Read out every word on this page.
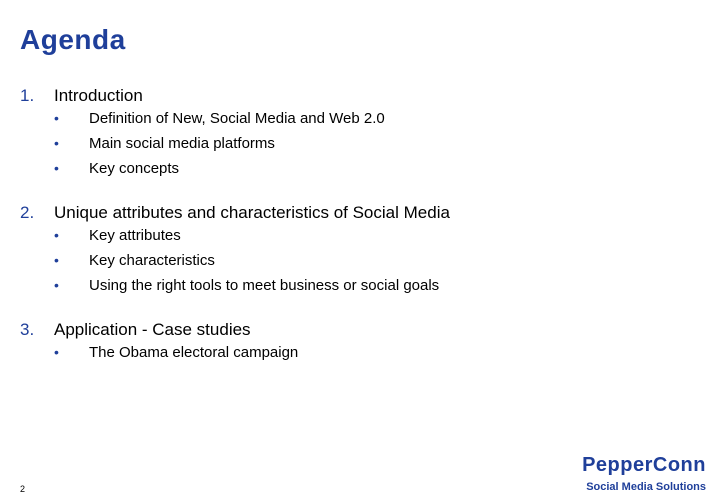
Agenda
1.	Introduction
•	Definition of New, Social Media and Web 2.0
•	Main social media platforms
•	Key concepts
2.	Unique attributes and characteristics of Social Media
•	Key attributes
•	Key characteristics
•	Using the right tools to meet business or social goals
3.	Application - Case studies
•	The Obama electoral campaign
2
PepperConn
Social Media Solutions
